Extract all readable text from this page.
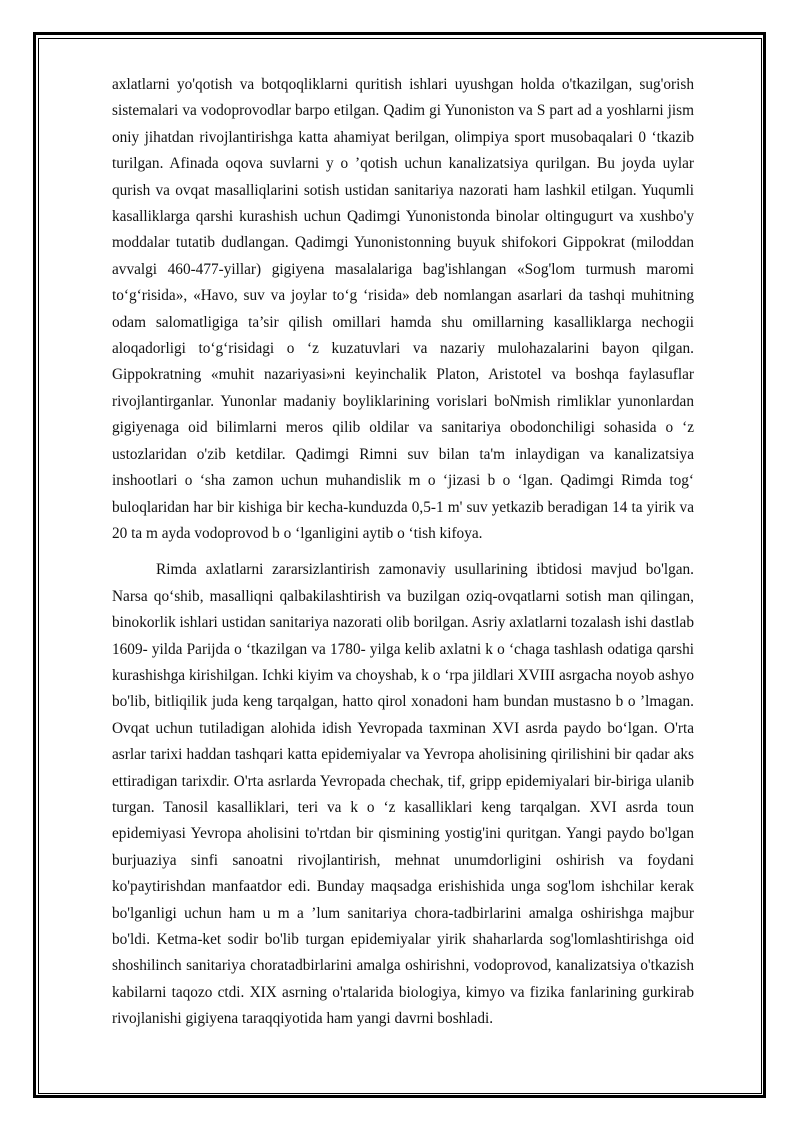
axlatlarni yo'qotish va botqoqliklarni quritish ishlari uyushgan holda o'tkazilgan, sug'orish sistemalari va vodoprovodlar barpo etilgan. Qadim gi Yunoniston va S part ad a yoshlarni jism oniy jihatdan rivojlantirishga katta ahamiyat berilgan, olimpiya sport musobaqalari 0 ‘tkazib turilgan. Afinada oqova suvlarni y o ’qotish uchun kanalizatsiya qurilgan. Bu joyda uylar qurish va ovqat masalliqlarini sotish ustidan sanitariya nazorati ham lashkil etilgan. Yuqumli kasalliklarga qarshi kurashish uchun Qadimgi Yunonistonda binolar oltingugurt va xushbo'y moddalar tutatib dudlangan. Qadimgi Yunonistonning buyuk shifokori Gippokrat (miloddan avvalgi 460-477-yillar) gigiyena masalalariga bag'ishlangan «Sog'lom turmush maromi to‘g‘risida», «Havo, suv va joylar to‘g ‘risida» deb nomlangan asarlari da tashqi muhitning odam salomatligiga ta’sir qilish omillari hamda shu omillarning kasalliklarga nechogii aloqadorligi to‘g‘risidagi o ‘z kuzatuvlari va nazariy mulohazalarini bayon qilgan. Gippokratning «muhit nazariyasi»ni keyinchalik Platon, Aristotel va boshqa faylasuflar rivojlantirganlar. Yunonlar madaniy boyliklarining vorislari boNmish rimliklar yunonlardan gigiyenaga oid bilimlarni meros qilib oldilar va sanitariya obodonchiligi sohasida o ‘z ustozlaridan o'zib ketdilar. Qadimgi Rimni suv bilan ta'm inlaydigan va kanalizatsiya inshootlari o ‘sha zamon uchun muhandislik m o ‘jizasi b o ‘lgan. Qadimgi Rimda tog‘ buloqlaridan har bir kishiga bir kecha-kunduzda 0,5-1 m' suv yetkazib beradigan 14 ta yirik va 20 ta m ayda vodoprovod b o ‘lganligini aytib o ‘tish kifoya.

Rimda axlatlarni zararsizlantirish zamonaviy usullarining ibtidosi mavjud bo'lgan. Narsa qo‘shib, masalliqni qalbakilashtirish va buzilgan oziq-ovqatlarni sotish man qilingan, binokorlik ishlari ustidan sanitariya nazorati olib borilgan. Asriy axlatlarni tozalash ishi dastlab 1609- yilda Parijda o ‘tkazilgan va 1780- yilga kelib axlatni k o ‘chaga tashlash odatiga qarshi kurashishga kirishilgan. Ichki kiyim va choyshab, k o ‘rpa jildlari XVIII asrgacha noyob ashyo bo'lib, bitliqilik juda keng tarqalgan, hatto qirol xonadoni ham bundan mustasno b o ’lmagan. Ovqat uchun tutiladigan alohida idish Yevropada taxminan XVI asrda paydo bo‘lgan. O'rta asrlar tarixi haddan tashqari katta epidemiyalar va Yevropa aholisining qirilishini bir qadar aks ettiradigan tarixdir. O'rta asrlarda Yevropada chechak, tif, gripp epidemiyalari bir-biriga ulanib turgan. Tanosil kasalliklari, teri va k o ‘z kasalliklari keng tarqalgan. XVI asrda toun epidemiyasi Yevropa aholisini to'rtdan bir qismining yostig'ini quritgan. Yangi paydo bo'lgan burjuaziya sinfi sanoatni rivojlantirish, mehnat unumdorligini oshirish va foydani ko'paytirishdan manfaatdor edi. Bunday maqsadga erishishida unga sog'lom ishchilar kerak bo'lganligi uchun ham u m a ’lum sanitariya chora-tadbirlarini amalga oshirishga majbur bo'ldi. Ketma-ket sodir bo'lib turgan epidemiyalar yirik shaharlarda sog'lomlashtirishga oid shoshilinch sanitariya choratadbirlarini amalga oshirishni, vodoprovod, kanalizatsiya o'tkazish kabilarni taqozo ctdi. XIX asrning o'rtalarida biologiya, kimyo va fizika fanlarining gurkirab rivojlanishi gigiyena taraqqiyotida ham yangi davrni boshladi.
